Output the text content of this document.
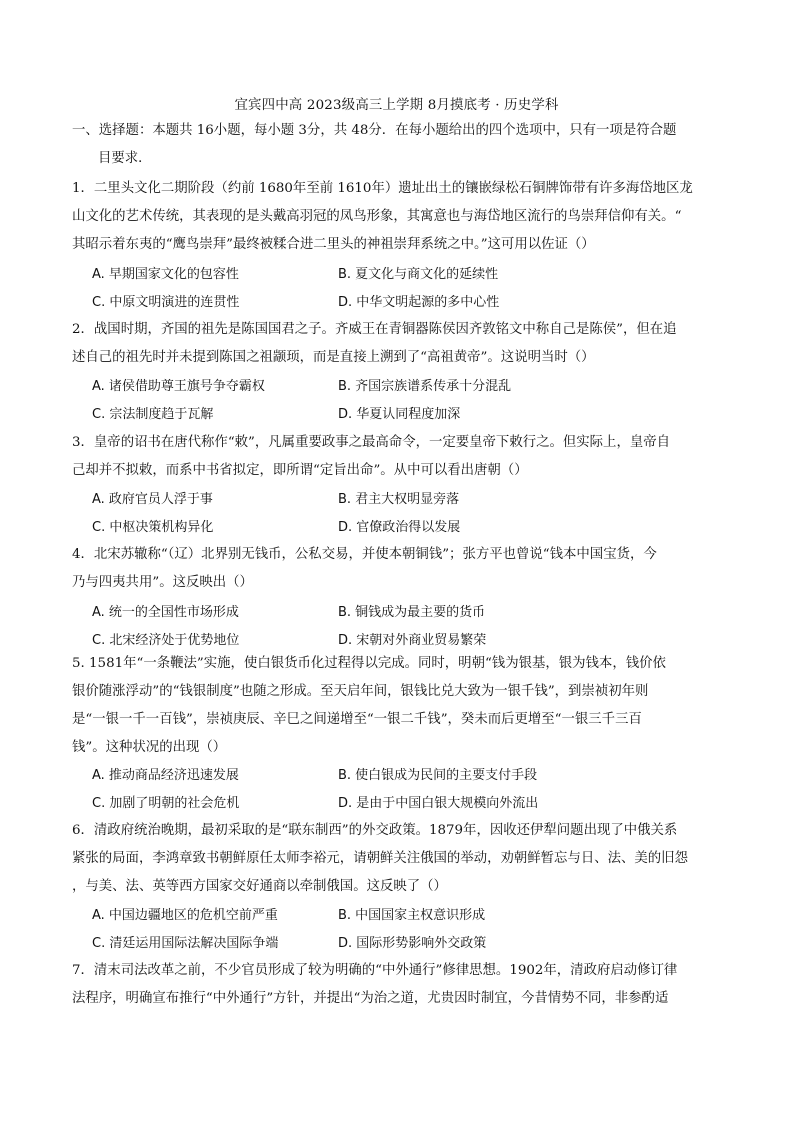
宜宾四中高 2023级高三上学期 8月摸底考 · 历史学科
一、选择题：本题共 16小题，每小题 3分，共 48分．在每小题给出的四个选项中，只有一项是符合题
目要求．
1．二里头文化二期阶段（约前 1680年至前 1610年）遗址出土的镶嵌绿松石铜牌饰带有许多海岱地区龙
山文化的艺术传统，其表现的是头戴高羽冠的凤鸟形象，其寓意也与海岱地区流行的鸟崇拜信仰有关。“
其昭示着东夷的“鹰鸟崇拜”最终被糅合进二里头的神祖崇拜系统之中。”这可用以佐证（）
A. 早期国家文化的包容性	B. 夏文化与商文化的延续性
C. 中原文明演进的连贯性	D. 中华文明起源的多中心性
2．战国时期，齐国的祖先是陈国国君之子。齐威王在青铜器陈侯因齐敦铭文中称自己是陈侯”，但在追
述自己的祖先时并未提到陈国之祖颛顼，而是直接上溯到了“高祖黄帝”。这说明当时（）
A. 诸侯借助尊王旗号争夺霸权	B. 齐国宗族谱系传承十分混乱
C. 宗法制度趋于瓦解	D. 华夏认同程度加深
3．皇帝的诏书在唐代称作“敕”，凡属重要政事之最高命令，一定要皇帝下敕行之。但实际上，皇帝自
己却并不拟敕，而系中书省拟定，即所谓“定旨出命”。从中可以看出唐朝（）
A. 政府官员人浮于事	B. 君主大权明显旁落
C. 中枢决策机构异化	D. 官僚政治得以发展
4．北宋苏辙称“（辽）北界别无钱币，公私交易，并使本朝铜钱”；张方平也曾说“钱本中国宝货，今
乃与四夷共用”。这反映出（）
A. 统一的全国性市场形成	B. 铜钱成为最主要的货币
C. 北宋经济处于优势地位	D. 宋朝对外商业贸易繁荣
5. 1581年“一条鞭法”实施，使白银货币化过程得以完成。同时，明朝“钱为银基，银为钱本，钱价依
银价随涨浮动”的“钱银制度”也随之形成。至天启年间，银钱比兑大致为一银千钱”，到崇祯初年则
是“一银一千一百钱”，崇祯庚辰、辛巳之间递增至“一银二千钱”，癸未而后更增至“一银三千三百
钱”。这种状况的出现（）
A. 推动商品经济迅速发展	B. 使白银成为民间的主要支付手段
C. 加剧了明朝的社会危机	D. 是由于中国白银大规模向外流出
6．清政府统治晚期，最初采取的是“联东制西”的外交政策。1879年，因收还伊犁问题出现了中俄关系
紧张的局面，李鸿章致书朝鲜原任太师李裕元，请朝鲜关注俄国的举动，劝朝鲜暂忘与日、法、美的旧怨
，与美、法、英等西方国家交好通商以牵制俄国。这反映了（）
A. 中国边疆地区的危机空前严重	B. 中国国家主权意识形成
C. 清廷运用国际法解决国际争端	D. 国际形势影响外交政策
7．清末司法改革之前，不少官员形成了较为明确的“中外通行”修律思想。1902年，清政府启动修订律
法程序，明确宣布推行“中外通行”方针，并提出“为治之道，尤贵因时制宜，今昔情势不同，非参酌适
